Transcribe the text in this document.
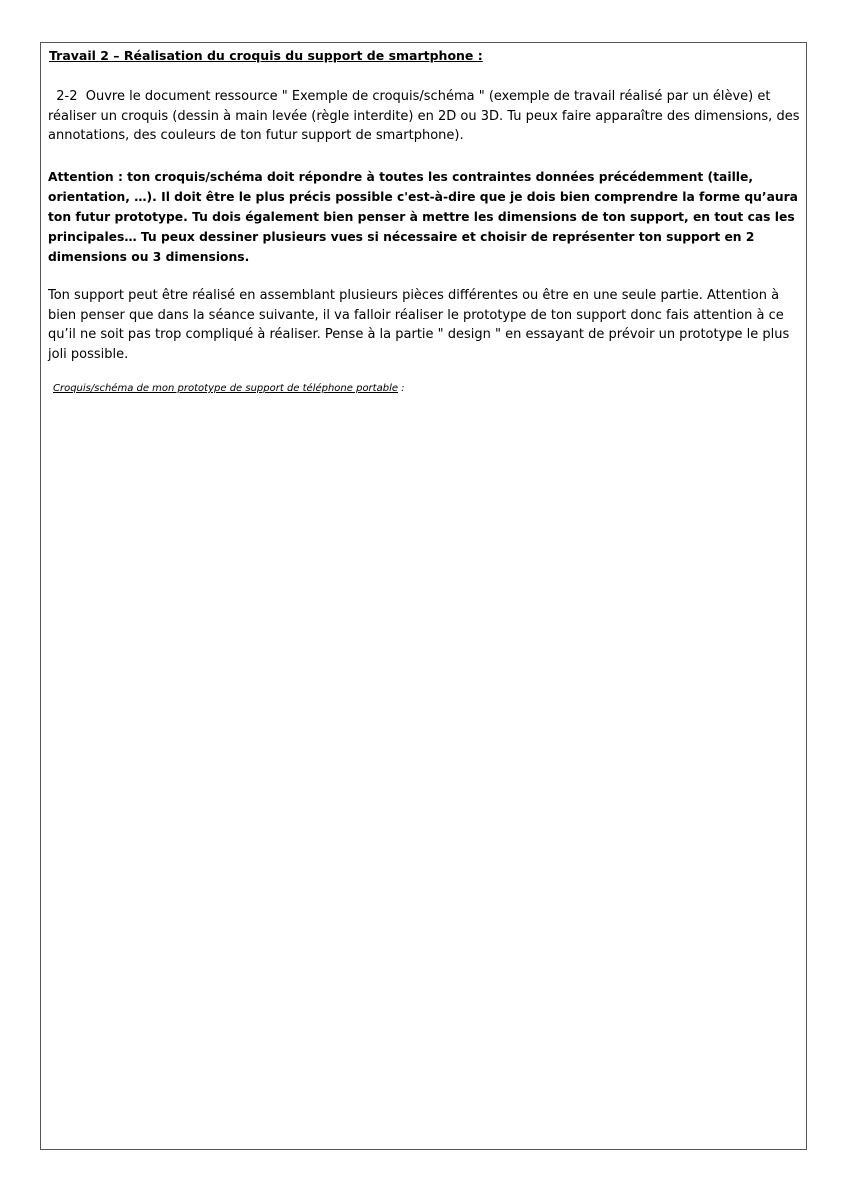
Travail 2 – Réalisation du croquis du support de smartphone :

2-2  Ouvre le document ressource " Exemple de croquis/schéma " (exemple de travail réalisé par un élève) et réaliser un croquis (dessin à main levée (règle interdite) en 2D ou 3D. Tu peux faire apparaître des dimensions, des annotations, des couleurs de ton futur support de smartphone).

Attention : ton croquis/schéma doit répondre à toutes les contraintes données précédemment (taille, orientation, …). Il doit être le plus précis possible c'est-à-dire que je dois bien comprendre la forme qu’aura ton futur prototype. Tu dois également bien penser à mettre les dimensions de ton support, en tout cas les principales… Tu peux dessiner plusieurs vues si nécessaire et choisir de représenter ton support en 2 dimensions ou 3 dimensions.

Ton support peut être réalisé en assemblant plusieurs pièces différentes ou être en une seule partie. Attention à bien penser que dans la séance suivante, il va falloir réaliser le prototype de ton support donc fais attention à ce qu’il ne soit pas trop compliqué à réaliser. Pense à la partie " design " en essayant de prévoir un prototype le plus joli possible.

Croquis/schéma de mon prototype de support de téléphone portable :
